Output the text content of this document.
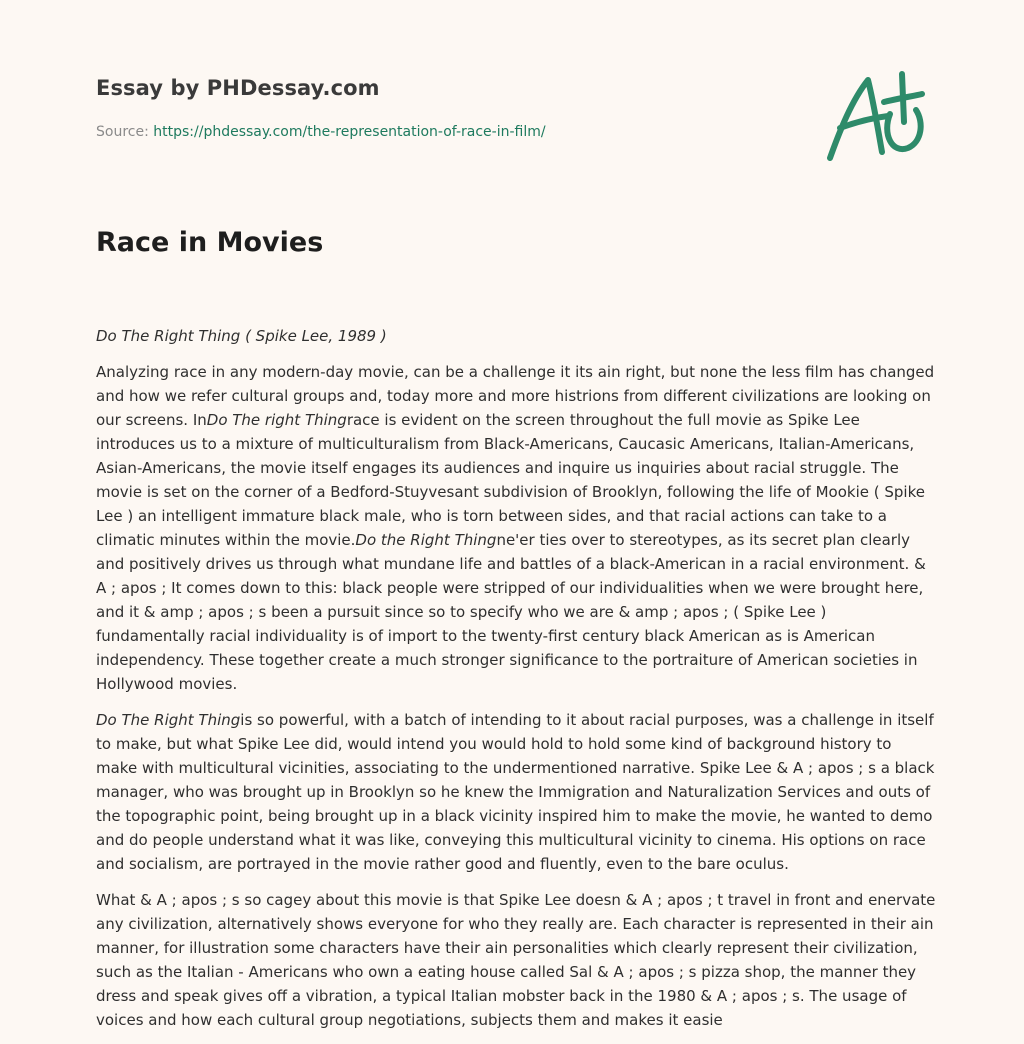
Essay by PHDessay.com
Source: https://phdessay.com/the-representation-of-race-in-film/
Race in Movies

Do The Right Thing ( Spike Lee, 1989 )

Analyzing race in any modern-day movie, can be a challenge it its ain right, but none the less film has changed and how we refer cultural groups and, today more and more histrions from different civilizations are looking on our screens. InDo The right Thingrace is evident on the screen throughout the full movie as Spike Lee introduces us to a mixture of multiculturalism from Black-Americans, Caucasic Americans, Italian-Americans, Asian-Americans, the movie itself engages its audiences and inquire us inquiries about racial struggle. The movie is set on the corner of a Bedford-Stuyvesant subdivision of Brooklyn, following the life of Mookie ( Spike Lee ) an intelligent immature black male, who is torn between sides, and that racial actions can take to a climatic minutes within the movie.Do the Right Thingne'er ties over to stereotypes, as its secret plan clearly and positively drives us through what mundane life and battles of a black-American in a racial environment. & A ; apos ; It comes down to this: black people were stripped of our individualities when we were brought here, and it & amp ; apos ; s been a pursuit since so to specify who we are & amp ; apos ; ( Spike Lee ) fundamentally racial individuality is of import to the twenty-first century black American as is American independency. These together create a much stronger significance to the portraiture of American societies in Hollywood movies.

Do The Right Thingis so powerful, with a batch of intending to it about racial purposes, was a challenge in itself to make, but what Spike Lee did, would intend you would hold to hold some kind of background history to make with multicultural vicinities, associating to the undermentioned narrative. Spike Lee & A ; apos ; s a black manager, who was brought up in Brooklyn so he knew the Immigration and Naturalization Services and outs of the topographic point, being brought up in a black vicinity inspired him to make the movie, he wanted to demo and do people understand what it was like, conveying this multicultural vicinity to cinema. His options on race and socialism, are portrayed in the movie rather good and fluently, even to the bare oculus.

What & A ; apos ; s so cagey about this movie is that Spike Lee doesn & A ; apos ; t travel in front and enervate any civilization, alternatively shows everyone for who they really are. Each character is represented in their ain manner, for illustration some characters have their ain personalities which clearly represent their civilization, such as the Italian - Americans who own a eating house called Sal & A ; apos ; s pizza shop, the manner they dress and speak gives off a vibration, a typical Italian mobster back in the 1980 & A ; apos ; s. The usage of voices and how each cultural group negotiations, subjects them and makes it easie
